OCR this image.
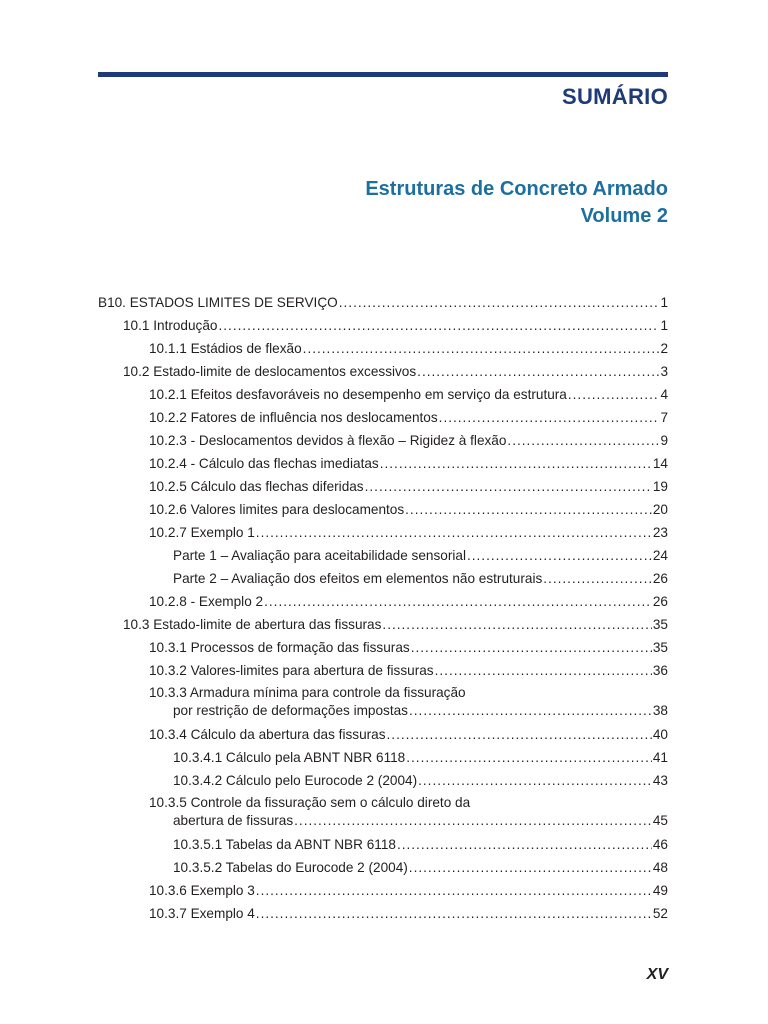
SUMÁRIO
Estruturas de Concreto Armado
Volume 2
B10. ESTADOS LIMITES DE SERVIÇO .....	1
10.1 Introdução .....	1
10.1.1 Estádios de flexão .....	2
10.2 Estado-limite de deslocamentos excessivos .....	3
10.2.1 Efeitos desfavoráveis no desempenho em serviço da estrutura .....	4
10.2.2 Fatores de influência nos deslocamentos .....	7
10.2.3 - Deslocamentos devidos à flexão – Rigidez à flexão .....	9
10.2.4 - Cálculo das flechas imediatas .....	14
10.2.5 Cálculo das flechas diferidas .....	19
10.2.6 Valores limites para deslocamentos .....	20
10.2.7 Exemplo 1 .....	23
Parte 1 – Avaliação para aceitabilidade sensorial .....	24
Parte 2 – Avaliação dos efeitos em elementos não estruturais .....	26
10.2.8 - Exemplo 2 .....	26
10.3 Estado-limite de abertura das fissuras .....	35
10.3.1 Processos de formação das fissuras .....	35
10.3.2 Valores-limites para abertura de fissuras .....	36
10.3.3 Armadura mínima para controle da fissuração
por restrição de deformações impostas .....	38
10.3.4 Cálculo da abertura das fissuras .....	40
10.3.4.1 Cálculo pela ABNT NBR 6118 .....	41
10.3.4.2 Cálculo pelo Eurocode 2 (2004) .....	43
10.3.5 Controle da fissuração sem o cálculo direto da
abertura de fissuras .....	45
10.3.5.1 Tabelas da ABNT NBR 6118 .....	46
10.3.5.2 Tabelas do Eurocode 2 (2004) .....	48
10.3.6 Exemplo 3 .....	49
10.3.7 Exemplo 4 .....	52
XV
